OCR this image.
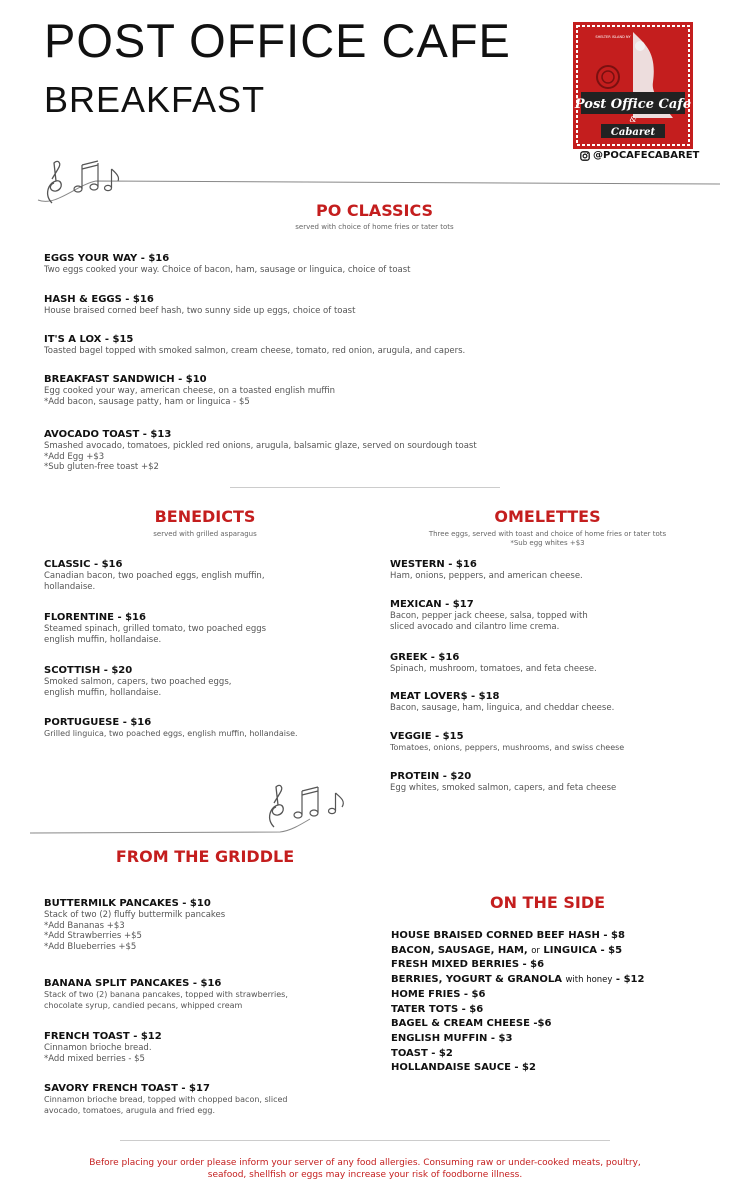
POST OFFICE CAFE
BREAKFAST	Post Office Cafe
&
Cabaret
SHELTER ISLAND NY
@POCAFECABARET
PO CLASSICS
served with choice of home fries or tater tots
EGGS YOUR WAY - $16
Two eggs cooked your way. Choice of bacon, ham, sausage or linguica, choice of toast
HASH & EGGS - $16
House braised corned beef hash, two sunny side up eggs, choice of toast
IT'S A LOX - $15
Toasted bagel topped with smoked salmon, cream cheese, tomato, red onion, arugula, and capers.
BREAKFAST SANDWICH - $10
Egg cooked your way, american cheese, on a toasted english muffin
*Add bacon, sausage patty, ham or linguica - $5
AVOCADO TOAST - $13
Smashed avocado, tomatoes, pickled red onions, arugula, balsamic glaze, served on sourdough toast
*Add Egg +$3
*Sub gluten-free toast +$2
BENEDICTS
served with grilled asparagus
CLASSIC - $16
Canadian bacon, two poached eggs, english muffin,
hollandaise.
FLORENTINE - $16
Steamed spinach, grilled tomato, two poached eggs
english muffin, hollandaise.
SCOTTISH - $20
Smoked salmon, capers, two poached eggs,
english muffin, hollandaise.
PORTUGUESE - $16
Grilled linguica, two poached eggs, english muffin, hollandaise.
OMELETTES
Three eggs, served with toast and choice of home fries or tater tots
*Sub egg whites +$3
WESTERN - $16
Ham, onions, peppers, and american cheese.
MEXICAN - $17
Bacon, pepper jack cheese, salsa, topped with
sliced avocado and cilantro lime crema.
GREEK - $16
Spinach, mushroom, tomatoes, and feta cheese.
MEAT LOVER$ - $18
Bacon, sausage, ham, linguica, and cheddar cheese.
VEGGIE - $15
Tomatoes, onions, peppers, mushrooms, and swiss cheese
PROTEIN - $20
Egg whites, smoked salmon, capers, and feta cheese
FROM THE GRIDDLE
BUTTERMILK PANCAKES - $10
Stack of two (2) fluffy buttermilk pancakes
*Add Bananas +$3
*Add Strawberries +$5
*Add Blueberries +$5
BANANA SPLIT PANCAKES - $16
Stack of two (2) banana pancakes, topped with strawberries,
chocolate syrup, candied pecans, whipped cream
FRENCH TOAST - $12
Cinnamon brioche bread.
*Add mixed berries - $5
SAVORY FRENCH TOAST - $17
Cinnamon brioche bread, topped with chopped bacon, sliced
avocado, tomatoes, arugula and fried egg.
ON THE SIDE
HOUSE BRAISED CORNED BEEF HASH - $8
BACON, SAUSAGE, HAM, or LINGUICA - $5
FRESH MIXED BERRIES - $6
BERRIES, YOGURT & GRANOLA with honey - $12
HOME FRIES - $6
TATER TOTS - $6
BAGEL & CREAM CHEESE -$6
ENGLISH MUFFIN - $3
TOAST - $2
HOLLANDAISE SAUCE - $2
Before placing your order please inform your server of any food allergies. Consuming raw or under-cooked meats, poultry,
seafood, shellfish or eggs may increase your risk of foodborne illness.
